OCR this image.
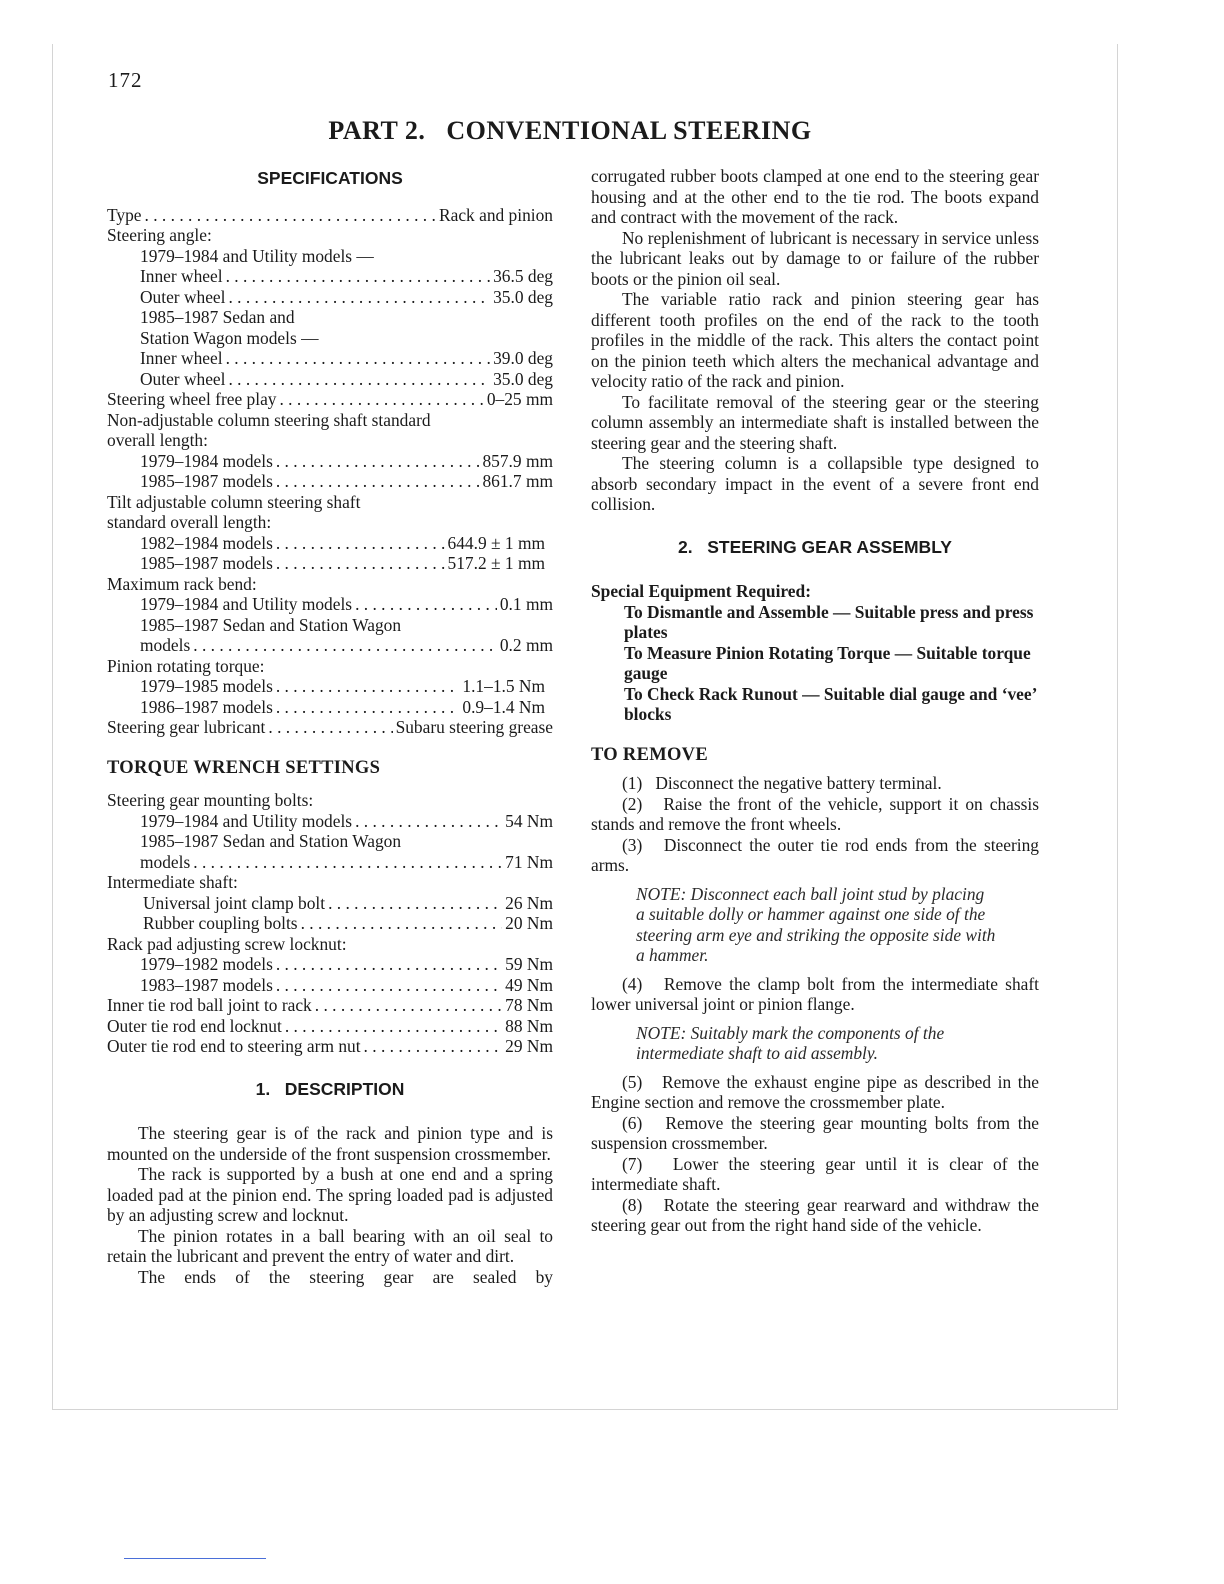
172
PART 2.   CONVENTIONAL STEERING
SPECIFICATIONS
Type . . .	Rack and pinion
Steering angle:
1979–1984 and Utility models —
Inner wheel . . .	36.5 deg
Outer wheel . . .	35.0 deg
1985–1987 Sedan and
Station Wagon models —
Inner wheel . . .	39.0 deg
Outer wheel . . .	35.0 deg
Steering wheel free play . . .	0–25 mm
Non-adjustable column steering shaft standard
overall length:
1979–1984 models . . .	857.9 mm
1985–1987 models . . .	861.7 mm
Tilt adjustable column steering shaft
standard overall length:
1982–1984 models . . .	644.9 ± 1 mm
1985–1987 models . . .	517.2 ± 1 mm
Maximum rack bend:
1979–1984 and Utility models . . .	0.1 mm
1985–1987 Sedan and Station Wagon
models . . .	0.2 mm
Pinion rotating torque:
1979–1985 models . . .	1.1–1.5 Nm
1986–1987 models . . .	0.9–1.4 Nm
Steering gear lubricant . . .	Subaru steering grease
TORQUE WRENCH SETTINGS
Steering gear mounting bolts:
1979–1984 and Utility models . . .	54 Nm
1985–1987 Sedan and Station Wagon
models . . .	71 Nm
Intermediate shaft:
Universal joint clamp bolt . . .	26 Nm
Rubber coupling bolts . . .	20 Nm
Rack pad adjusting screw locknut:
1979–1982 models . . .	59 Nm
1983–1987 models . . .	49 Nm
Inner tie rod ball joint to rack . . .	78 Nm
Outer tie rod end locknut . . .	88 Nm
Outer tie rod end to steering arm nut . . .	29 Nm
1.   DESCRIPTION

The steering gear is of the rack and pinion type and is mounted on the underside of the front suspension crossmember.

The rack is supported by a bush at one end and a spring loaded pad at the pinion end. The spring loaded pad is adjusted by an adjusting screw and locknut.

The pinion rotates in a ball bearing with an oil seal to retain the lubricant and prevent the entry of water and dirt.

The ends of the steering gear are sealed by

corrugated rubber boots clamped at one end to the steering gear housing and at the other end to the tie rod. The boots expand and contract with the movement of the rack.

No replenishment of lubricant is necessary in service unless the lubricant leaks out by damage to or failure of the rubber boots or the pinion oil seal.

The variable ratio rack and pinion steering gear has different tooth profiles on the end of the rack to the tooth profiles in the middle of the rack. This alters the contact point on the pinion teeth which alters the mechanical advantage and velocity ratio of the rack and pinion.

To facilitate removal of the steering gear or the steering column assembly an intermediate shaft is installed between the steering gear and the steering shaft.

The steering column is a collapsible type designed to absorb secondary impact in the event of a severe front end collision.

2.   STEERING GEAR ASSEMBLY
Special Equipment Required:
To Dismantle and Assemble — Suitable press and press plates
To Measure Pinion Rotating Torque — Suitable torque gauge
To Check Rack Runout — Suitable dial gauge and ‘vee’ blocks
TO REMOVE

(1)   Disconnect the negative battery terminal.

(2)   Raise the front of the vehicle, support it on chassis stands and remove the front wheels.

(3)   Disconnect the outer tie rod ends from the steering arms.

NOTE: Disconnect each ball joint stud by placing a suitable dolly or hammer against one side of the steering arm eye and striking the opposite side with a hammer.

(4)   Remove the clamp bolt from the intermediate shaft lower universal joint or pinion flange.

NOTE: Suitably mark the components of the intermediate shaft to aid assembly.

(5)   Remove the exhaust engine pipe as described in the Engine section and remove the crossmember plate.

(6)   Remove the steering gear mounting bolts from the suspension crossmember.

(7)   Lower the steering gear until it is clear of the intermediate shaft.

(8)   Rotate the steering gear rearward and withdraw the steering gear out from the right hand side of the vehicle.
